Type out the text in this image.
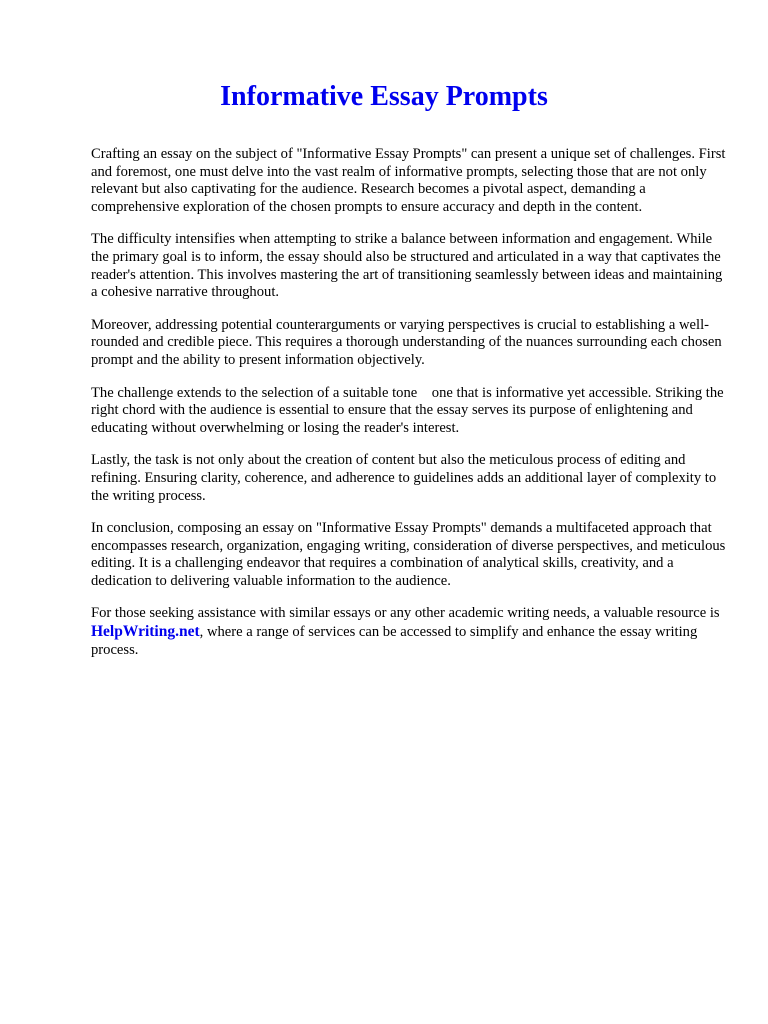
Informative Essay Prompts

Crafting an essay on the subject of "Informative Essay Prompts" can present a unique set of challenges. First and foremost, one must delve into the vast realm of informative prompts, selecting those that are not only relevant but also captivating for the audience. Research becomes a pivotal aspect, demanding a comprehensive exploration of the chosen prompts to ensure accuracy and depth in the content.

The difficulty intensifies when attempting to strike a balance between information and engagement. While the primary goal is to inform, the essay should also be structured and articulated in a way that captivates the reader's attention. This involves mastering the art of transitioning seamlessly between ideas and maintaining a cohesive narrative throughout.

Moreover, addressing potential counterarguments or varying perspectives is crucial to establishing a well-rounded and credible piece. This requires a thorough understanding of the nuances surrounding each chosen prompt and the ability to present information objectively.

The challenge extends to the selection of a suitable tone    one that is informative yet accessible. Striking the right chord with the audience is essential to ensure that the essay serves its purpose of enlightening and educating without overwhelming or losing the reader's interest.

Lastly, the task is not only about the creation of content but also the meticulous process of editing and refining. Ensuring clarity, coherence, and adherence to guidelines adds an additional layer of complexity to the writing process.

In conclusion, composing an essay on "Informative Essay Prompts" demands a multifaceted approach that encompasses research, organization, engaging writing, consideration of diverse perspectives, and meticulous editing. It is a challenging endeavor that requires a combination of analytical skills, creativity, and a dedication to delivering valuable information to the audience.

For those seeking assistance with similar essays or any other academic writing needs, a valuable resource is HelpWriting.net, where a range of services can be accessed to simplify and enhance the essay writing process.
